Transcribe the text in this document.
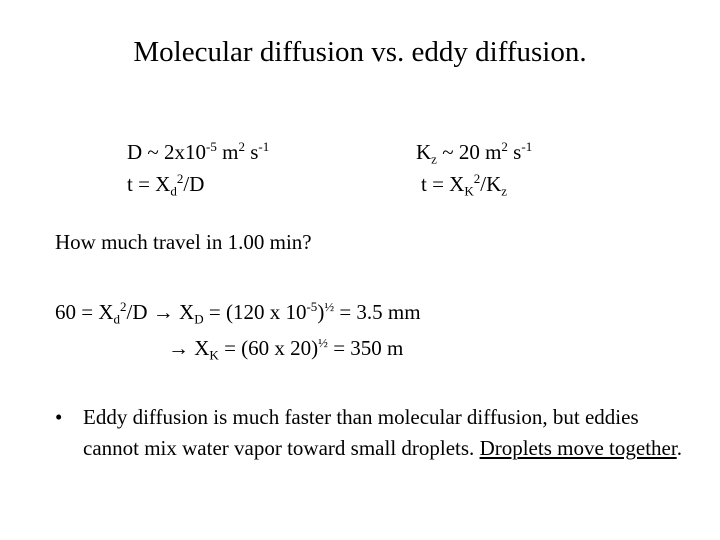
Molecular diffusion vs. eddy diffusion.
D ~ $2x10^{-5}$ $m^2$ $s^{-1}$
$t = X_d^2/D$
$K_z$ ~ 20 $m^2$ $s^{-1}$
$t = X_K^2/K_z$
How much travel in 1.00 min?
$60 = X_d^2/D \to X_D = (120$ x $10^{-5})^{\frac{1}{2}} = 3.5$ mm
→ $X_K = (60$ x 20)$^{\frac{1}{2}}$ = 350 m
• Eddy diffusion is much faster than molecular diffusion, but eddies cannot mix water vapor toward small droplets. Droplets move together.
